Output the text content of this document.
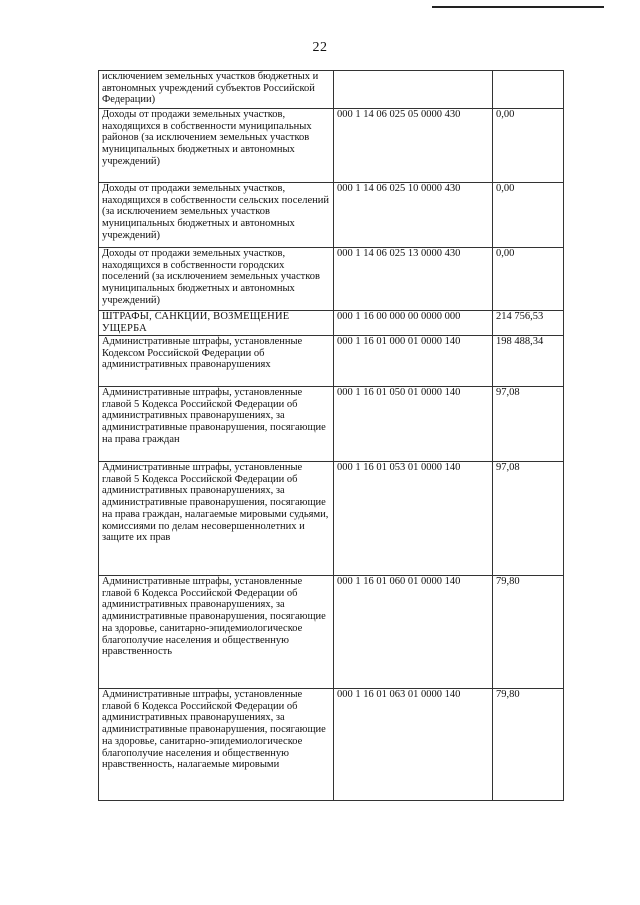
22
исключением земельных участков бюджетных и автономных учреждений субъектов Российской Федерации)		

Доходы от продажи земельных участков, находящихся в собственности муниципальных районов (за исключением земельных участков муниципальных бюджетных и автономных учреждений)	000 1 14 06 025 05 0000 430	0,00

Доходы от продажи земельных участков, находящихся в собственности сельских поселений (за исключением земельных участков муниципальных бюджетных и автономных учреждений)	000 1 14 06 025 10 0000 430	0,00

Доходы от продажи земельных участков, находящихся в собственности городских поселений (за исключением земельных участков муниципальных бюджетных и автономных учреждений)	000 1 14 06 025 13 0000 430	0,00

ШТРАФЫ, САНКЦИИ, ВОЗМЕЩЕНИЕ УЩЕРБА	000 1 16 00 000 00 0000 000	214 756,53

Административные штрафы, установленные Кодексом Российской Федерации об административных правонарушениях	000 1 16 01 000 01 0000 140	198 488,34

Административные штрафы, установленные главой 5 Кодекса Российской Федерации об административных правонарушениях, за административные правонарушения, посягающие на права граждан	000 1 16 01 050 01 0000 140	97,08

Административные штрафы, установленные главой 5 Кодекса Российской Федерации об административных правонарушениях, за административные правонарушения, посягающие на права граждан, налагаемые мировыми судьями, комиссиями по делам несовершеннолетних и защите их прав	000 1 16 01 053 01 0000 140	97,08

Административные штрафы, установленные главой 6 Кодекса Российской Федерации об административных правонарушениях, за административные правонарушения, посягающие на здоровье, санитарно-эпидемиологическое благополучие населения и общественную нравственность	000 1 16 01 060 01 0000 140	79,80

Административные штрафы, установленные главой 6 Кодекса Российской Федерации об административных правонарушениях, за административные правонарушения, посягающие на здоровье, санитарно-эпидемиологическое благополучие населения и общественную нравственность, налагаемые мировыми	000 1 16 01 063 01 0000 140	79,80
